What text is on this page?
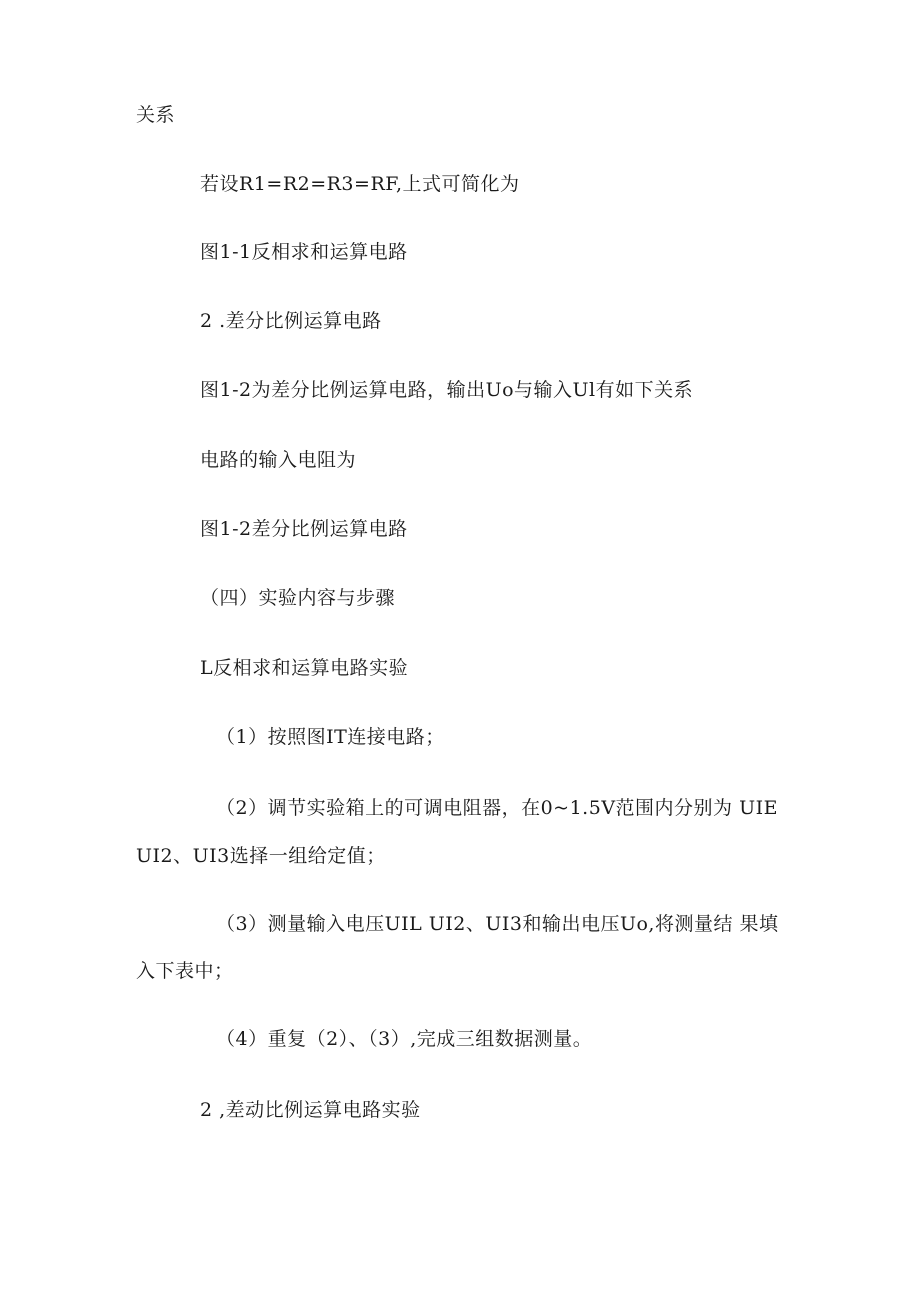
关系
若设R1=R2=R3=RF,上式可简化为
图1-1反相求和运算电路
2 .差分比例运算电路
图1-2为差分比例运算电路，输出Uo与输入Ul有如下关系
电路的输入电阻为
图1-2差分比例运算电路
（四）实验内容与步骤
L反相求和运算电路实验
（1）按照图IT连接电路；
（2）调节实验箱上的可调电阻器，在0~1.5V范围内分别为 UIE
UI2、UI3选择一组给定值；
（3）测量输入电压UIL UI2、UI3和输出电压Uo,将测量结 果填
入下表中；
（4）重复（2）、（3）,完成三组数据测量。
2 ,差动比例运算电路实验
